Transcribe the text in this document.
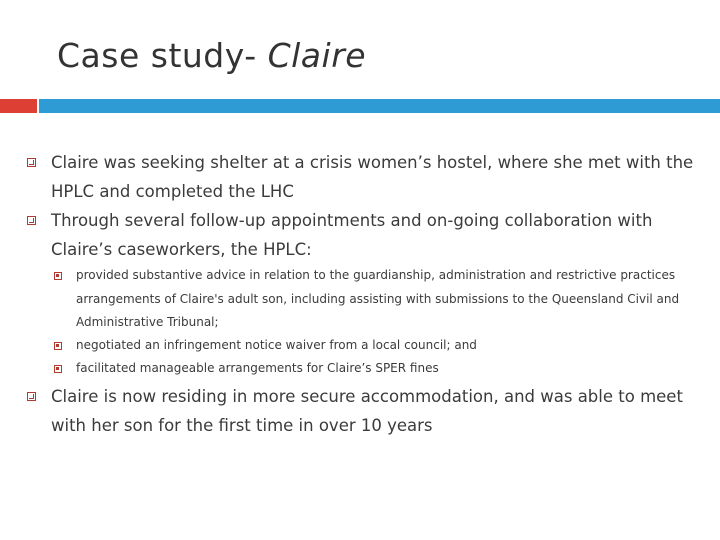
Case study- Claire
Claire was seeking shelter at a crisis women’s hostel, where she met with the HPLC and completed the LHC
Through several follow-up appointments and on-going collaboration with Claire’s caseworkers, the HPLC:
provided substantive advice in relation to the guardianship, administration and restrictive practices arrangements of Claire's adult son, including assisting with submissions to the Queensland Civil and Administrative Tribunal;
negotiated an infringement notice waiver from a local council; and
facilitated manageable arrangements for Claire’s SPER fines
Claire is now residing in more secure accommodation, and was able to meet with her son for the first time in over 10 years
